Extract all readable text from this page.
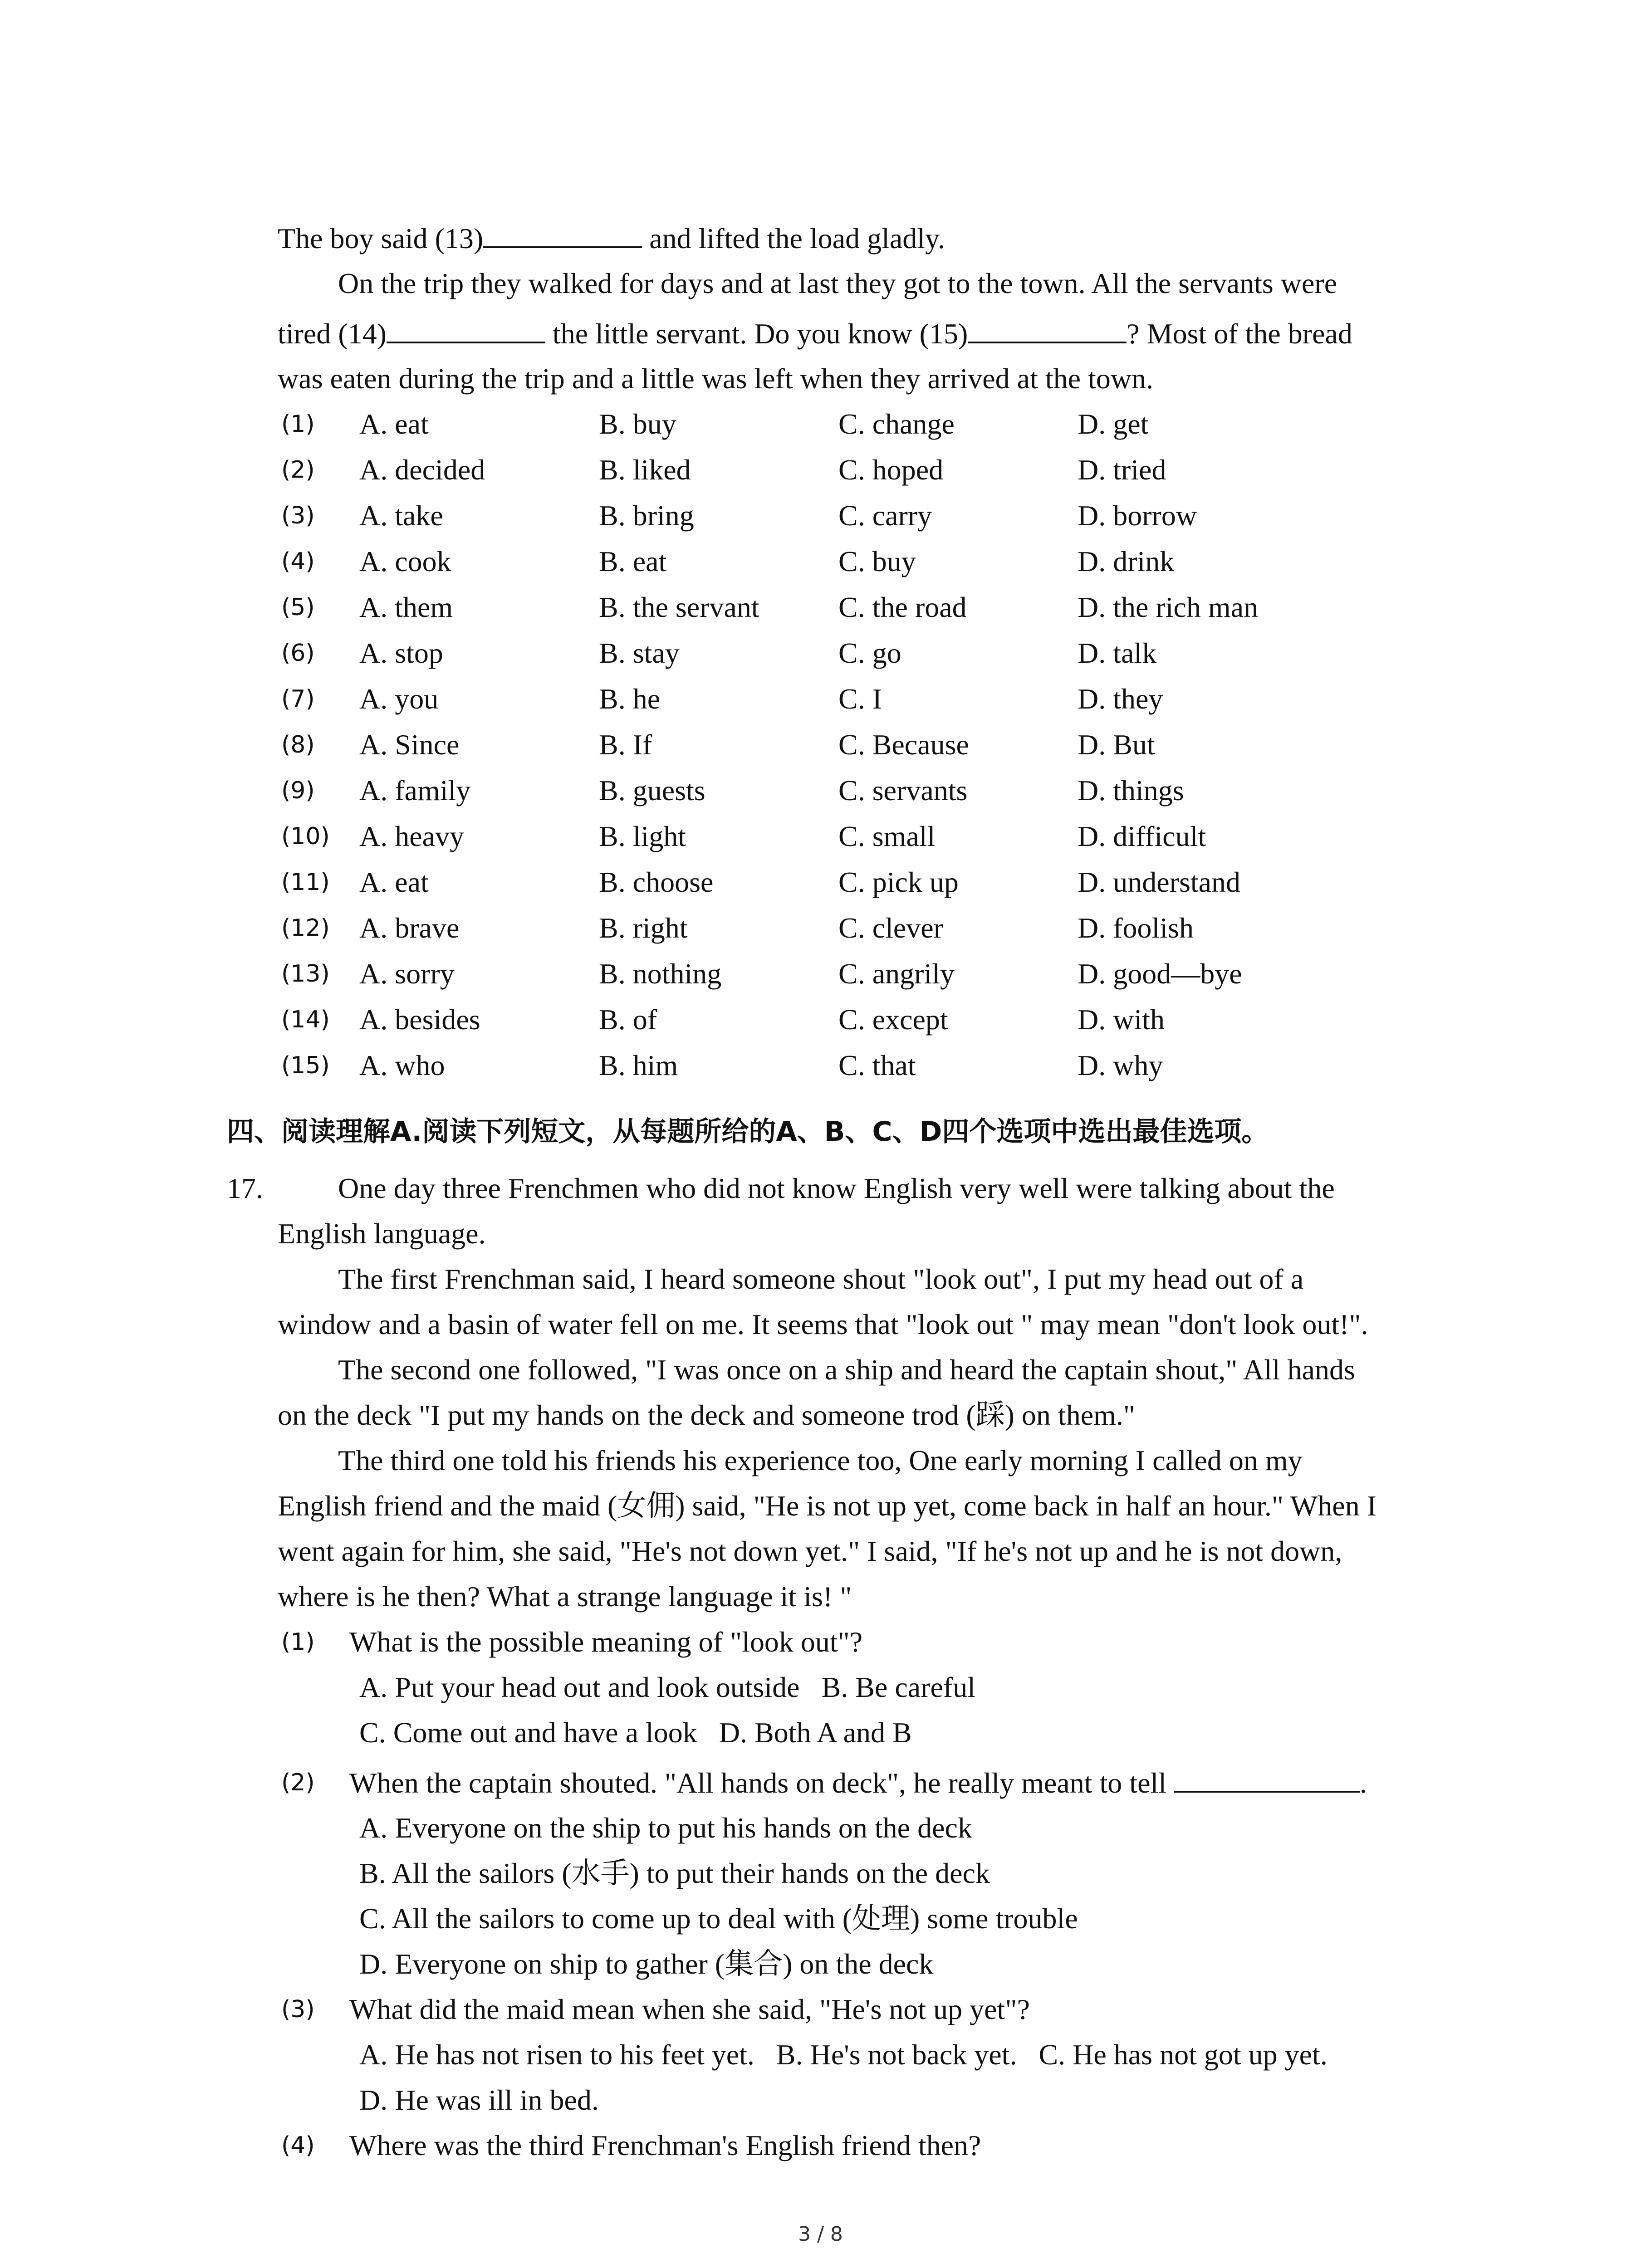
The boy said (13)	and lifted the load gladly.
On the trip they walked for days and at last they got to the town. All the servants were
tired (14)	the little servant. Do you know (15)	? Most of the bread
was eaten during the trip and a little was left when they arrived at the town.
(1) A. eat	B. buy	C. change	D. get
(2) A. decided	B. liked	C. hoped	D. tried
(3) A. take	B. bring	C. carry	D. borrow
(4) A. cook	B. eat	C. buy	D. drink
(5) A. them	B. the servant	C. the road	D. the rich man
(6) A. stop	B. stay	C. go	D. talk
(7) A. you	B. he	C. I	D. they
(8) A. Since	B. If	C. Because	D. But
(9) A. family	B. guests	C. servants	D. things
(10) A. heavy	B. light	C. small	D. difficult
(11) A. eat	B. choose	C. pick up	D. understand
(12) A. brave	B. right	C. clever	D. foolish
(13) A. sorry	B. nothing	C. angrily	D. good—bye
(14) A. besides	B. of	C. except	D. with
(15) A. who	B. him	C. that	D. why
四、阅读理解A.阅读下列短文，从每题所给的A、B、C、D四个选项中选出最佳选项。
17.	One day three Frenchmen who did not know English very well were talking about the
English language.
The first Frenchman said, I heard someone shout "look out", I put my head out of a
window and a basin of water fell on me. It seems that "look out " may mean "don't look out!".
The second one followed, "I was once on a ship and heard the captain shout," All hands
on the deck "I put my hands on the deck and someone trod (踩) on them."
The third one told his friends his experience too, One early morning I called on my
English friend and the maid (女佣) said, "He is not up yet, come back in half an hour." When I
went again for him, she said, "He's not down yet." I said, "If he's not up and he is not down,
where is he then? What a strange language it is! "
(1) What is the possible meaning of "look out"?
A. Put your head out and look outside   B. Be careful
C. Come out and have a look   D. Both A and B
(2) When the captain shouted. "All hands on deck", he really meant to tell	.
A. Everyone on the ship to put his hands on the deck
B. All the sailors (水手) to put their hands on the deck
C. All the sailors to come up to deal with (处理) some trouble
D. Everyone on ship to gather (集合) on the deck
(3) What did the maid mean when she said, "He's not up yet"?
A. He has not risen to his feet yet.   B. He's not back yet.   C. He has not got up yet.
D. He was ill in bed.
(4) Where was the third Frenchman's English friend then?
3 / 8
